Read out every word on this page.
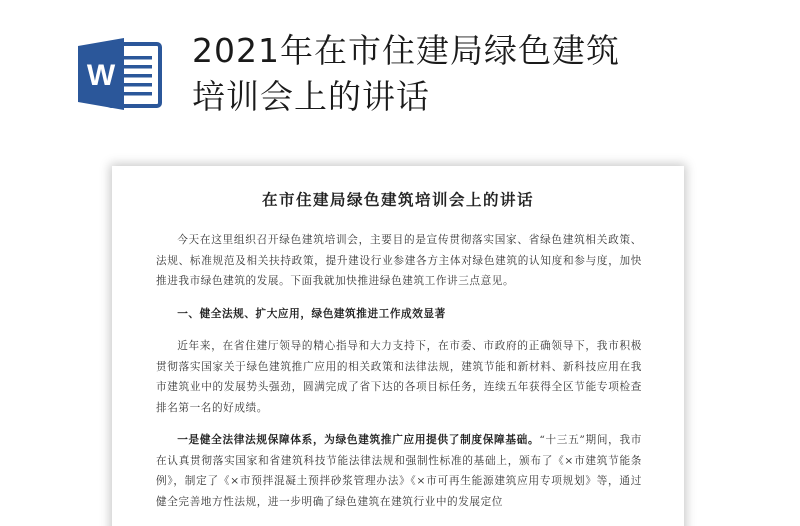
W
2021年在市住建局绿色建筑
培训会上的讲话
在市住建局绿色建筑培训会上的讲话

今天在这里组织召开绿色建筑培训会，主要目的是宣传贯彻落实国家、省绿色建筑相关政策、法规、标准规范及相关扶持政策，提升建设行业参建各方主体对绿色建筑的认知度和参与度，加快推进我市绿色建筑的发展。下面我就加快推进绿色建筑工作讲三点意见。

一、健全法规、扩大应用，绿色建筑推进工作成效显著

近年来，在省住建厅领导的精心指导和大力支持下，在市委、市政府的正确领导下，我市积极贯彻落实国家关于绿色建筑推广应用的相关政策和法律法规，建筑节能和新材料、新科技应用在我市建筑业中的发展势头强劲，圆满完成了省下达的各项目标任务，连续五年获得全区节能专项检查排名第一名的好成绩。

一是健全法律法规保障体系，为绿色建筑推广应用提供了制度保障基础。“十三五”期间，我市在认真贯彻落实国家和省建筑科技节能法律法规和强制性标准的基础上，颁布了《×市建筑节能条例》，制定了《×市预拌混凝土预拌砂浆管理办法》《×市可再生能源建筑应用专项规划》等，通过健全完善地方性法规，进一步明确了绿色建筑在建筑行业中的发展定位
